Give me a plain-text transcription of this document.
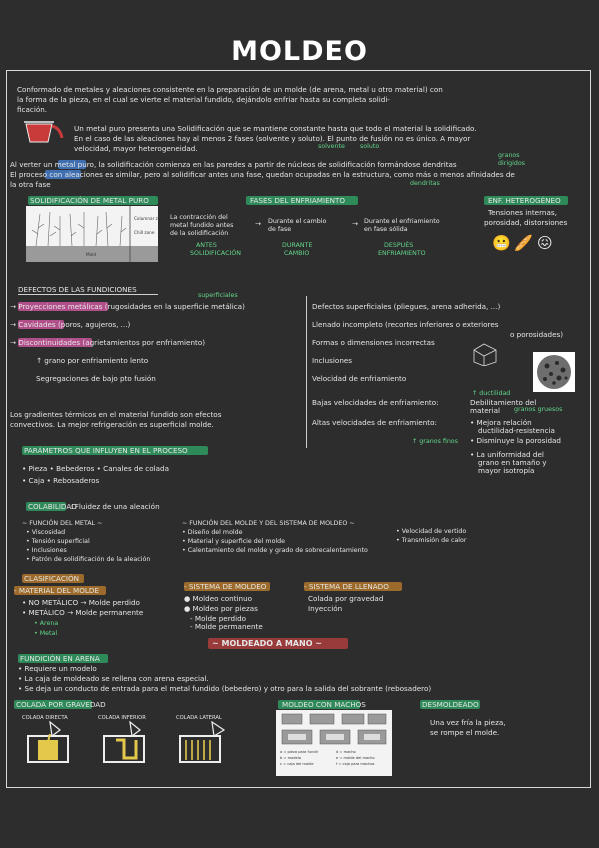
MOLDEO
Conformado de metales y aleaciones consistente en la preparación de un molde (de arena, metal u otro material) con
la forma de la pieza, en el cual se vierte el material fundido, dejándolo enfriar hasta su completa solidi-
ficación.
Un metal puro presenta una Solidificación que se mantiene constante hasta que todo el material la solidificado.
En el caso de las aleaciones hay al menos 2 fases (solvente y soluto). El punto de fusión no es único. A mayor
velocidad, mayor heterogeneidad.	solvente soluto
Al verter un metal puro, la solidificación comienza en las paredes a partir de núcleos de solidificación formándose dendritas
El proceso con aleaciones es similar, pero al solidificar antes una fase, quedan ocupadas en la estructura, como más o menos afinidades de
la otra fase
granos
dirigidos
dendritas
SOLIDIFICACIÓN DE METAL PURO	FASES DEL ENFRIAMIENTO	ENF. HETEROGÉNEO
Columnar zone
Chill zone
Mold
La contracción del
metal fundido antes
de la solidificación
→ Durante el cambio
de fase
→ Durante el enfriamiento
en fase sólida
ANTES
SOLIDIFICACIÓN
DURANTE
CAMBIO
DESPUÉS
ENFRIAMIENTO
Tensiones internas,
porosidad, distorsiones
😬 🥖 😖
DEFECTOS DE LAS FUNDICIONES
superficiales
→ Proyecciones metálicas (rugosidades en la superficie metálica)
→ Cavidades (poros, agujeros, ...)
→ Discontinuidades (agrietamientos por enfriamiento)
↑ grano por enfriamiento lento
Segregaciones de bajo pto fusión
Defectos superficiales (pliegues, arena adherida, ...)
Llenado incompleto (recortes inferiores o exteriores
o porosidades)
Formas o dimensiones incorrectas
Inclusiones
Velocidad de enfriamiento
Los gradientes térmicos en el material fundido son efectos
convectivos. La mejor refrigeración es superficial molde.
Bajas velocidades de enfriamiento:
↑ ductilidad
Debilitamiento del
material granos gruesos
Altas velocidades de enfriamiento:	• Mejora relación
ductilidad-resistencia
• Disminuye la porosidad
• La uniformidad del
grano en tamaño y
mayor isotropía
↑ granos finos
PARÁMETROS QUE INFLUYEN EN EL PROCESO
• Pieza • Bebederos • Canales de colada
• Caja • Rebosaderos
COLABILIDAD
: Fluidez de una aleación
~ FUNCIÓN DEL METAL ~
• Viscosidad
• Tensión superficial
• Inclusiones
• Patrón de solidificación de la aleación
~ FUNCIÓN DEL MOLDE Y DEL SISTEMA DE MOLDEO ~
• Diseño del molde
• Material y superficie del molde
• Calentamiento del molde y grado de sobrecalentamiento
• Velocidad de vertido
• Transmisión de calor
CLASIFICACIÓN
- MATERIAL DEL MOLDE
• NO METÁLICO → Molde perdido
• METÁLICO → Molde permanente
• Arena
• Metal
- SISTEMA DE MOLDEO
● Moldeo continuo
● Moldeo por piezas
- Molde perdido
- Molde permanente
- SISTEMA DE LLENADO
Colada por gravedad
Inyección
~ MOLDEADO A MANO ~
FUNDICIÓN EN ARENA
• Requiere un modelo
• La caja de moldeado se rellena con arena especial.
• Se deja un conducto de entrada para el metal fundido (bebedero) y otro para la salida del sobrante (rebosadero)
COLADA POR GRAVEDAD
COLADA DIRECTA	COLADA INFERIOR	COLADA LATERAL
MOLDEO CON MACHOS
a = pieza para fundir
b = modelo
c = caja del molde
d = macho
e = molde del macho
f = caja para machos
DESMOLDEADO
Una vez fría la pieza,
se rompe el molde.
